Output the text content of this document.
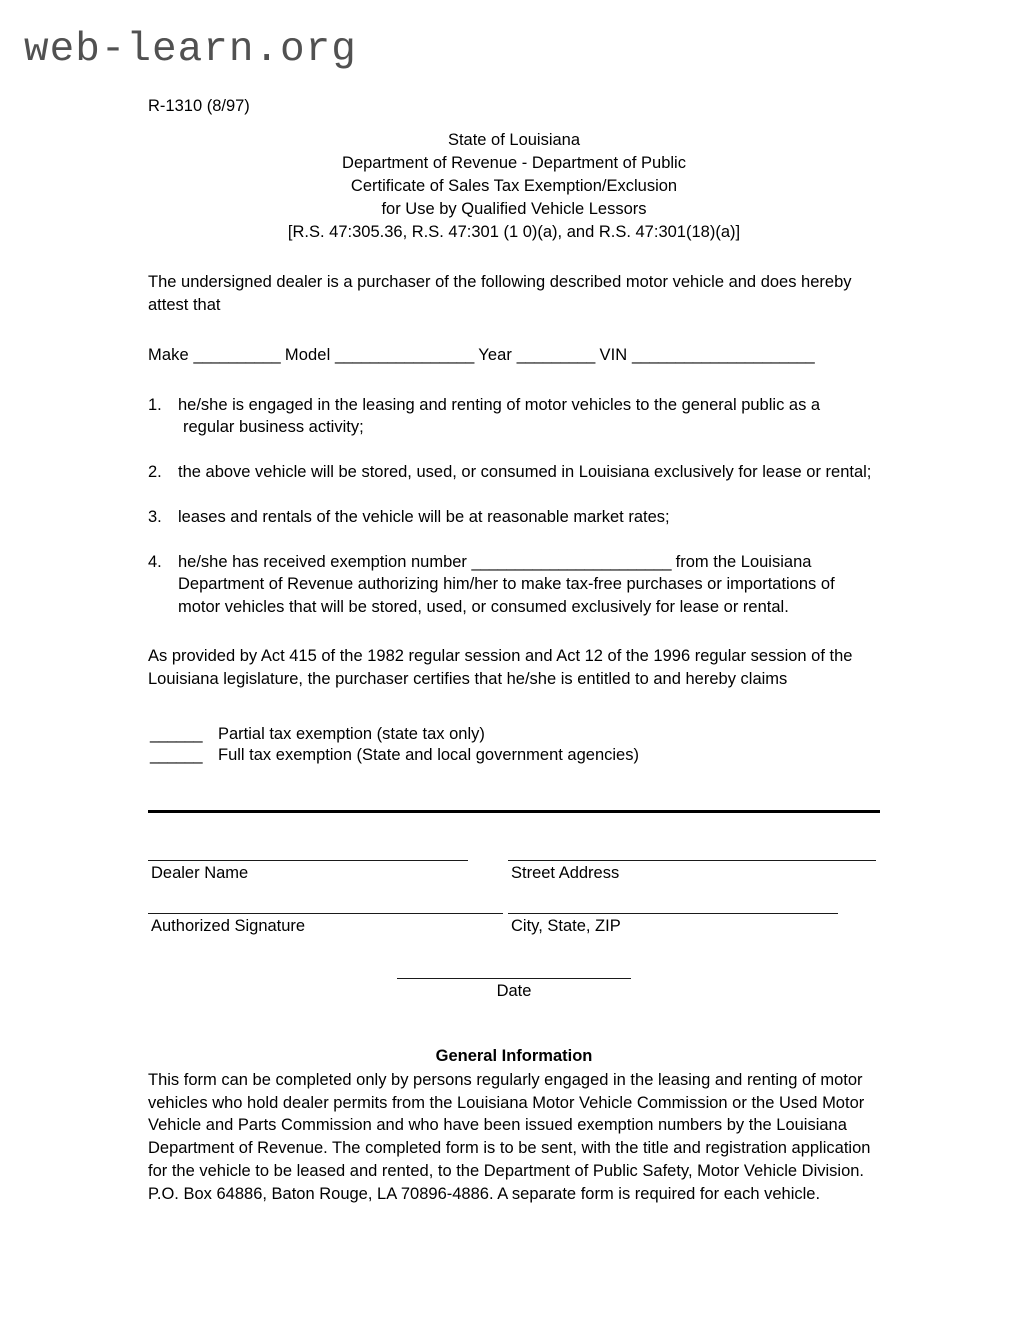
web-learn.org
R-1310 (8/97)
State of Louisiana
Department of Revenue - Department of Public
Certificate of Sales Tax Exemption/Exclusion
for Use by Qualified Vehicle Lessors
[R.S. 47:305.36, R.S. 47:301 (1 0)(a), and R.S. 47:301(18)(a)]
The undersigned dealer is a purchaser of the following described motor vehicle and does hereby attest that
Make __________ Model ________________ Year _________ VIN _____________________
1. he/she is engaged in the leasing and renting of motor vehicles to the general public as a regular business activity;
2. the above vehicle will be stored, used, or consumed in Louisiana exclusively for lease or rental;
3. leases and rentals of the vehicle will be at reasonable market rates;
4. he/she has received exemption number _______________________ from the Louisiana Department of Revenue authorizing him/her to make tax-free purchases or importations of motor vehicles that will be stored, used, or consumed exclusively for lease or rental.
As provided by Act 415 of the 1982 regular session and Act 12 of the 1996 regular session of the Louisiana legislature, the purchaser certifies that he/she is entitled to and hereby claims
______ Partial tax exemption (state tax only)
______ Full tax exemption (State and local government agencies)
Dealer Name	Street Address
Authorized Signature	City, State, ZIP
Date
General Information
This form can be completed only by persons regularly engaged in the leasing and renting of motor vehicles who hold dealer permits from the Louisiana Motor Vehicle Commission or the Used Motor Vehicle and Parts Commission and who have been issued exemption numbers by the Louisiana Department of Revenue. The completed form is to be sent, with the title and registration application for the vehicle to be leased and rented, to the Department of Public Safety, Motor Vehicle Division. P.O. Box 64886, Baton Rouge, LA 70896-4886. A separate form is required for each vehicle.
